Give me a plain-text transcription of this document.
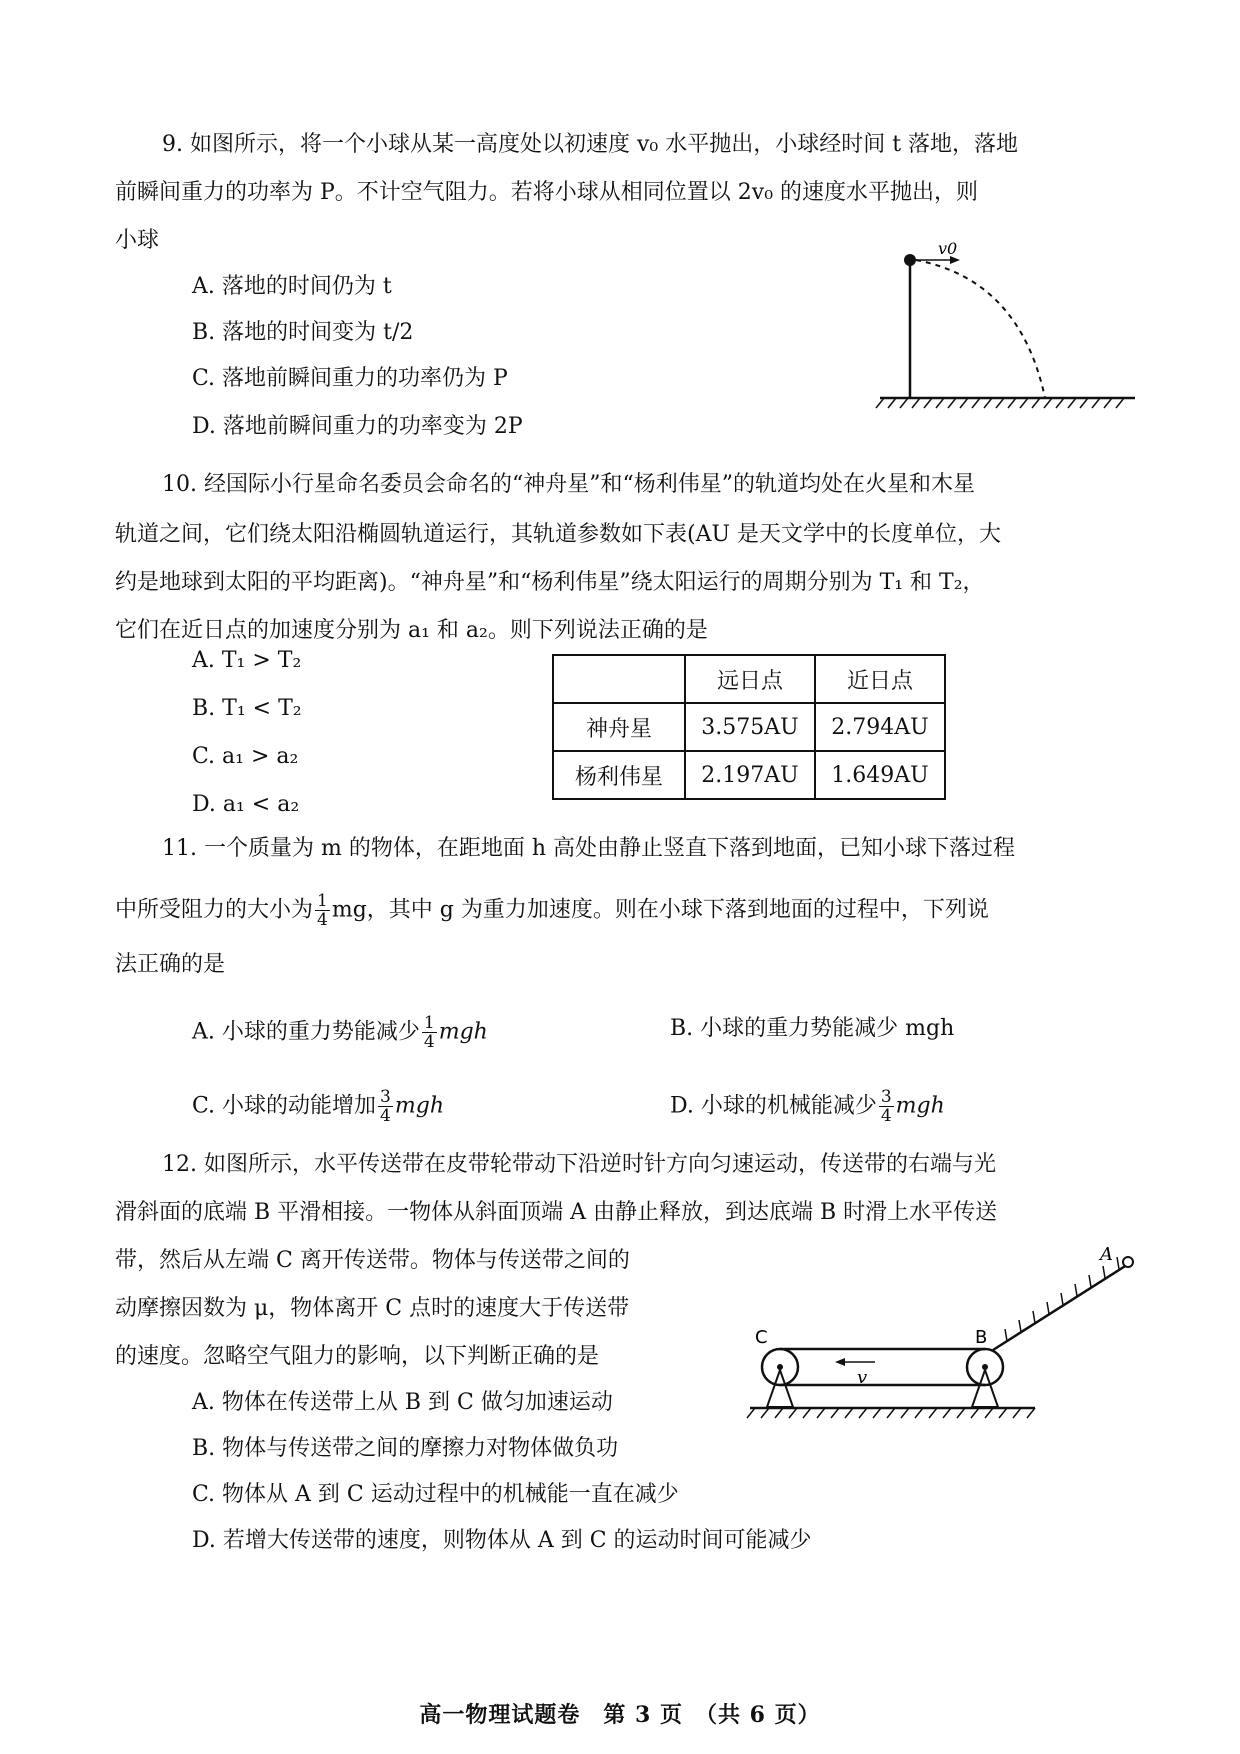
9. 如图所示，将一个小球从某一高度处以初速度 v₀ 水平抛出，小球经时间 t 落地，落地
前瞬间重力的功率为 P。不计空气阻力。若将小球从相同位置以 2v₀ 的速度水平抛出，则
小球
A. 落地的时间仍为 t
B. 落地的时间变为 t/2
C. 落地前瞬间重力的功率仍为 P
D. 落地前瞬间重力的功率变为 2P
v0
10. 经国际小行星命名委员会命名的“神舟星”和“杨利伟星”的轨道均处在火星和木星
轨道之间，它们绕太阳沿椭圆轨道运行，其轨道参数如下表(AU 是天文学中的长度单位，大
约是地球到太阳的平均距离)。“神舟星”和“杨利伟星”绕太阳运行的周期分别为 T₁ 和 T₂，
它们在近日点的加速度分别为 a₁ 和 a₂。则下列说法正确的是
A. T₁ > T₂
B. T₁ < T₂
C. a₁ > a₂
D. a₁ < a₂
	远日点	近日点
神舟星	3.575AU	2.794AU
杨利伟星	2.197AU	1.649AU
11. 一个质量为 m 的物体，在距地面 h 高处由静止竖直下落到地面，已知小球下落过程
中所受阻力的大小为 $\frac{1}{4}$ mg，其中 g 为重力加速度。则在小球下落到地面的过程中，下列说
法正确的是
A. 小球的重力势能减少 $\frac{1}{4}$ mgh	B. 小球的重力势能减少 mgh
C. 小球的动能增加 $\frac{3}{4}$ mgh	D. 小球的机械能减少 $\frac{3}{4}$ mgh
12. 如图所示，水平传送带在皮带轮带动下沿逆时针方向匀速运动，传送带的右端与光
滑斜面的底端 B 平滑相接。一物体从斜面顶端 A 由静止释放，到达底端 B 时滑上水平传送
带，然后从左端 C 离开传送带。物体与传送带之间的
动摩擦因数为 μ，物体离开 C 点时的速度大于传送带
的速度。忽略空气阻力的影响，以下判断正确的是
A. 物体在传送带上从 B 到 C 做匀加速运动
B. 物体与传送带之间的摩擦力对物体做负功
C. 物体从 A 到 C 运动过程中的机械能一直在减少
D. 若增大传送带的速度，则物体从 A 到 C 的运动时间可能减少
A
v
C	B
高一物理试题卷　第 3 页　（共 6 页）
